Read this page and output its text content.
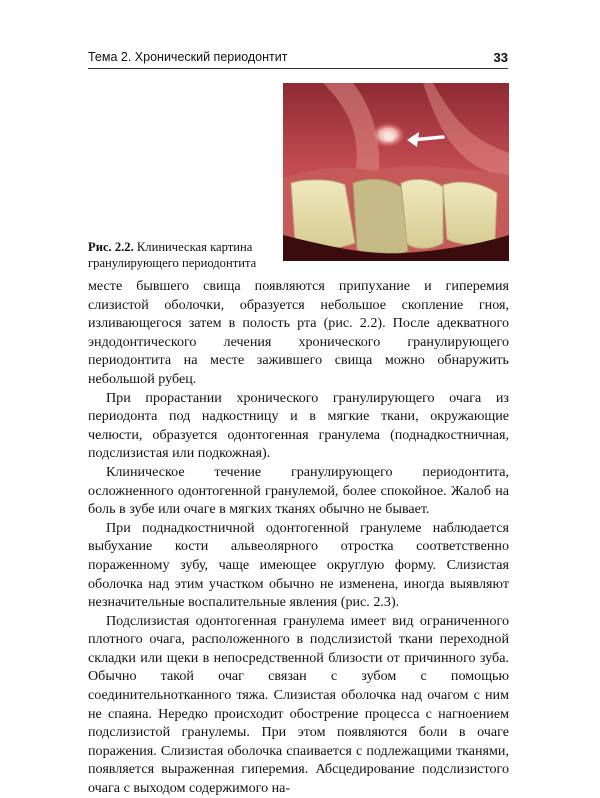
Тема 2. Хронический периодонтит	33
Рис. 2.2. Клиническая картина гранулирующего периодонтита

месте бывшего свища появляются припухание и гиперемия слизистой оболочки, образуется небольшое скопление гноя, изливающегося затем в полость рта (рис. 2.2). После адекватного эндодонтического лечения хронического гранулирующего периодонтита на месте зажившего свища можно обнаружить небольшой рубец.

При прорастании хронического гранулирующего очага из периодонта под надкостницу и в мягкие ткани, окружающие челюсти, образуется одонтогенная гранулема (поднадкостничная, подслизистая или подкожная).

Клиническое течение гранулирующего периодонтита, осложненного одонтогенной гранулемой, более спокойное. Жалоб на боль в зубе или очаге в мягких тканях обычно не бывает.

При поднадкостничной одонтогенной гранулеме наблюдается выбухание кости альвеолярного отростка соответственно пораженному зубу, чаще имеющее округлую форму. Слизистая оболочка над этим участком обычно не изменена, иногда выявляют незначительные воспалительные явления (рис. 2.3).

Подслизистая одонтогенная гранулема имеет вид ограниченного плотного очага, расположенного в подслизистой ткани переходной складки или щеки в непосредственной близости от причинного зуба. Обычно такой очаг связан с зубом с помощью соединительнотканного тяжа. Слизистая оболочка над очагом с ним не спаяна. Нередко происходит обострение процесса с нагноением подслизистой гранулемы. При этом появляются боли в очаге поражения. Слизистая оболочка спаивается с подлежащими тканями, появляется выраженная гиперемия. Абсцедирование подслизистого очага с выходом содержимого на-
